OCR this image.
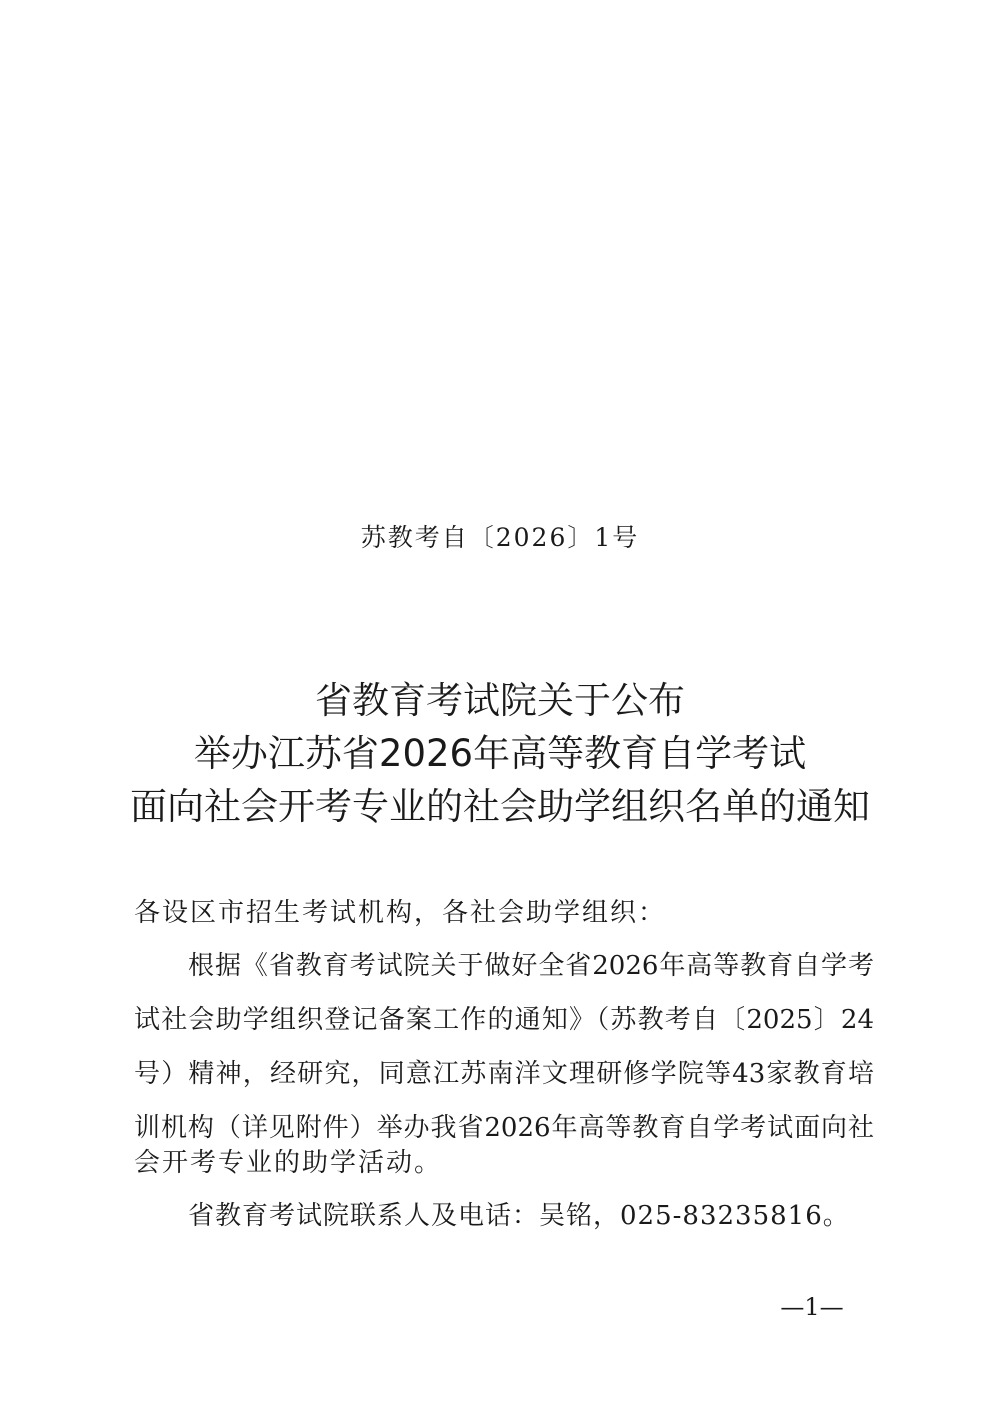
苏教考自〔2026〕1号
省教育考试院关于公布
举办江苏省2026年高等教育自学考试
面向社会开考专业的社会助学组织名单的通知
各设区市招生考试机构，各社会助学组织：
根据《省教育考试院关于做好全省2026年高等教育自学考
试社会助学组织登记备案工作的通知》（苏教考自〔2025〕24
号）精神，经研究，同意江苏南洋文理研修学院等43家教育培
训机构（详见附件）举办我省2026年高等教育自学考试面向社
会开考专业的助学活动。
省教育考试院联系人及电话：吴铭，025-83235816。
—1—
